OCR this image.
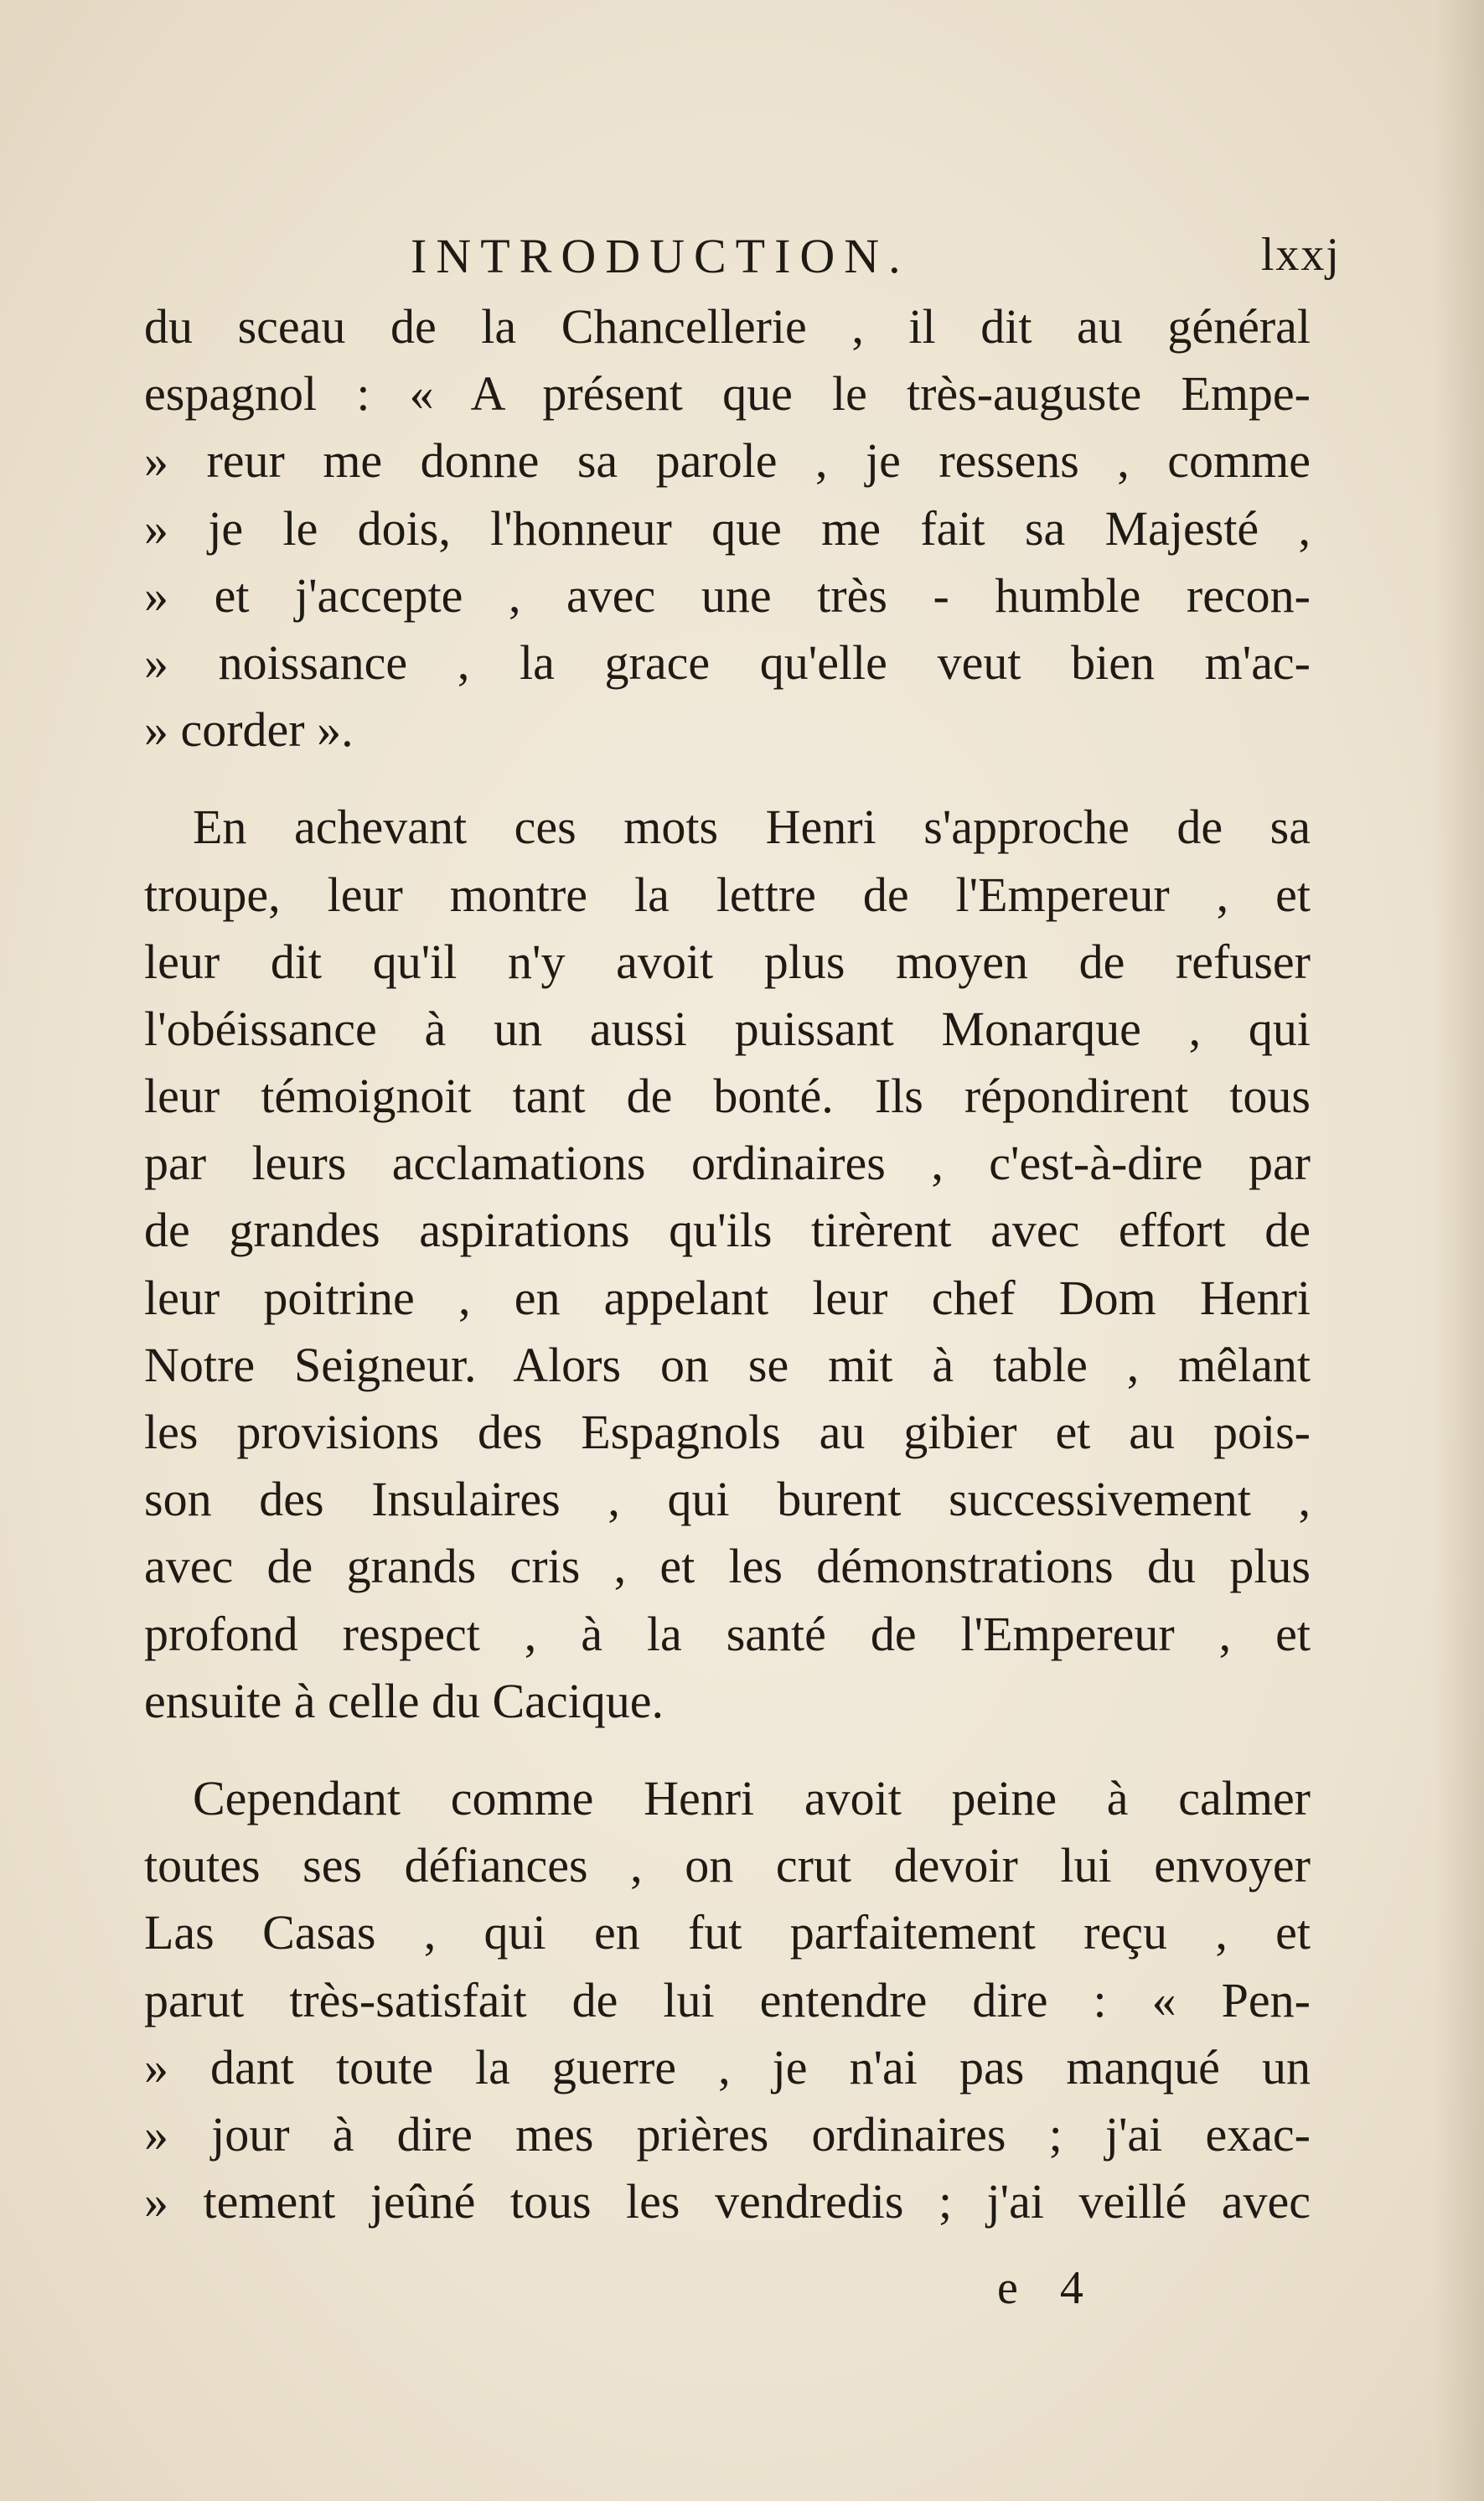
INTRODUCTION.	lxxj
du sceau de la Chancellerie , il dit au général
espagnol : « A présent que le très-auguste Empe-
» reur me donne sa parole , je ressens , comme
» je le dois, l'honneur que me fait sa Majesté ,
» et j'accepte , avec une très - humble recon-
» noissance , la grace qu'elle veut bien m'ac-
» corder ».
En achevant ces mots Henri s'approche de sa
troupe, leur montre la lettre de l'Empereur , et
leur dit qu'il n'y avoit plus moyen de refuser
l'obéissance à un aussi puissant Monarque , qui
leur témoignoit tant de bonté. Ils répondirent tous
par leurs acclamations ordinaires , c'est-à-dire par
de grandes aspirations qu'ils tirèrent avec effort de
leur poitrine , en appelant leur chef Dom Henri
Notre Seigneur. Alors on se mit à table , mêlant
les provisions des Espagnols au gibier et au pois-
son des Insulaires , qui burent successivement ,
avec de grands cris , et les démonstrations du plus
profond respect , à la santé de l'Empereur , et
ensuite à celle du Cacique.
Cependant comme Henri avoit peine à calmer
toutes ses défiances , on crut devoir lui envoyer
Las Casas , qui en fut parfaitement reçu , et
parut très-satisfait de lui entendre dire : « Pen-
» dant toute la guerre , je n'ai pas manqué un
» jour à dire mes prières ordinaires ; j'ai exac-
» tement jeûné tous les vendredis ; j'ai veillé avec
e 4
